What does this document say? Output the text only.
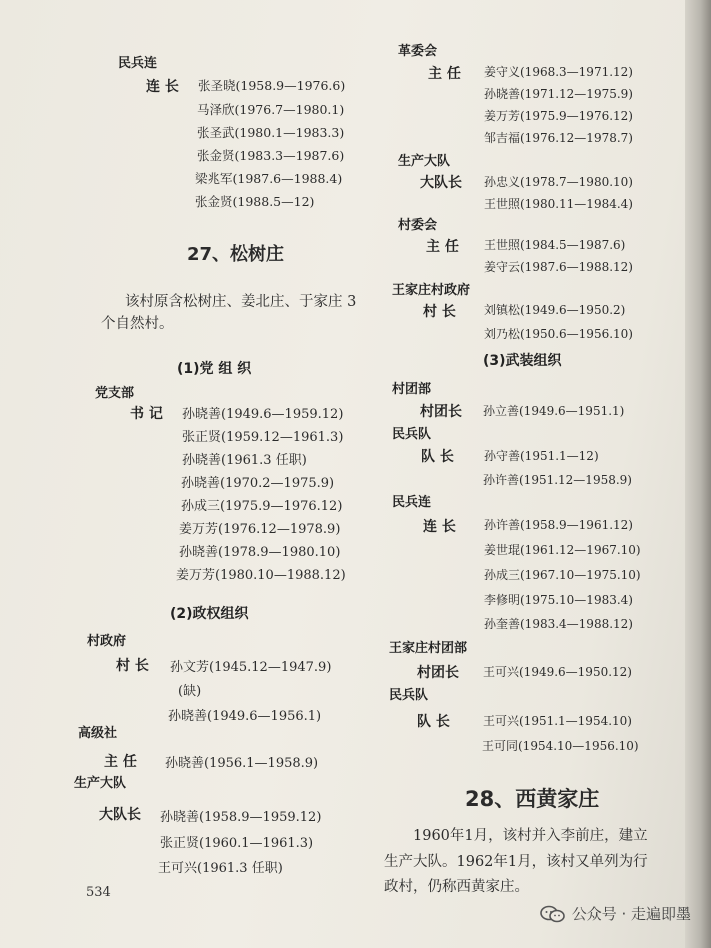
民兵连
连 长 张圣晓(1958.9—1976.6)
马泽欣(1976.7—1980.1)
张圣武(1980.1—1983.3)
张金贤(1983.3—1987.6)
梁兆军(1987.6—1988.4)
张金贤(1988.5—12)
27、松树庄
该村原含松树庄、姜北庄、于家庄 3
个自然村。
(1)党 组 织
党支部
书 记 孙晓善(1949.6—1959.12)
张正贤(1959.12—1961.3)
孙晓善(1961.3 任职)
孙晓善(1970.2—1975.9)
孙成三(1975.9—1976.12)
姜万芳(1976.12—1978.9)
孙晓善(1978.9—1980.10)
姜万芳(1980.10—1988.12)
(2)政权组织
村政府
村 长 孙文芳(1945.12—1947.9)
(缺)
孙晓善(1949.6—1956.1)
高级社
主 任 孙晓善(1956.1—1958.9)
生产大队
大队长 孙晓善(1958.9—1959.12)
张正贤(1960.1—1961.3)
王可兴(1961.3 任职)
534
革委会
主 任 姜守义(1968.3—1971.12)
孙晓善(1971.12—1975.9)
姜万芳(1975.9—1976.12)
邹吉福(1976.12—1978.7)
生产大队
大队长 孙忠义(1978.7—1980.10)
王世照(1980.11—1984.4)
村委会
主 任 王世照(1984.5—1987.6)
姜守云(1987.6—1988.12)
王家庄村政府
村 长 刘镇松(1949.6—1950.2)
刘乃松(1950.6—1956.10)
(3)武装组织
村团部
村团长 孙立善(1949.6—1951.1)
民兵队
队 长	孙守善(1951.1—12)
孙许善(1951.12—1958.9)
民兵连
连 长 孙许善(1958.9—1961.12)
姜世琨(1961.12—1967.10)
孙成三(1967.10—1975.10)
李修明(1975.10—1983.4)
孙奎善(1983.4—1988.12)
王家庄村团部
村团长 王可兴(1949.6—1950.12)
民兵队
队 长	王可兴(1951.1—1954.10)
王可同(1954.10—1956.10)
28、西黄家庄
1960年1月，该村并入李前庄，建立
生产大队。1962年1月，该村又单列为行
政村，仍称西黄家庄。
公众号 · 走遍即墨
